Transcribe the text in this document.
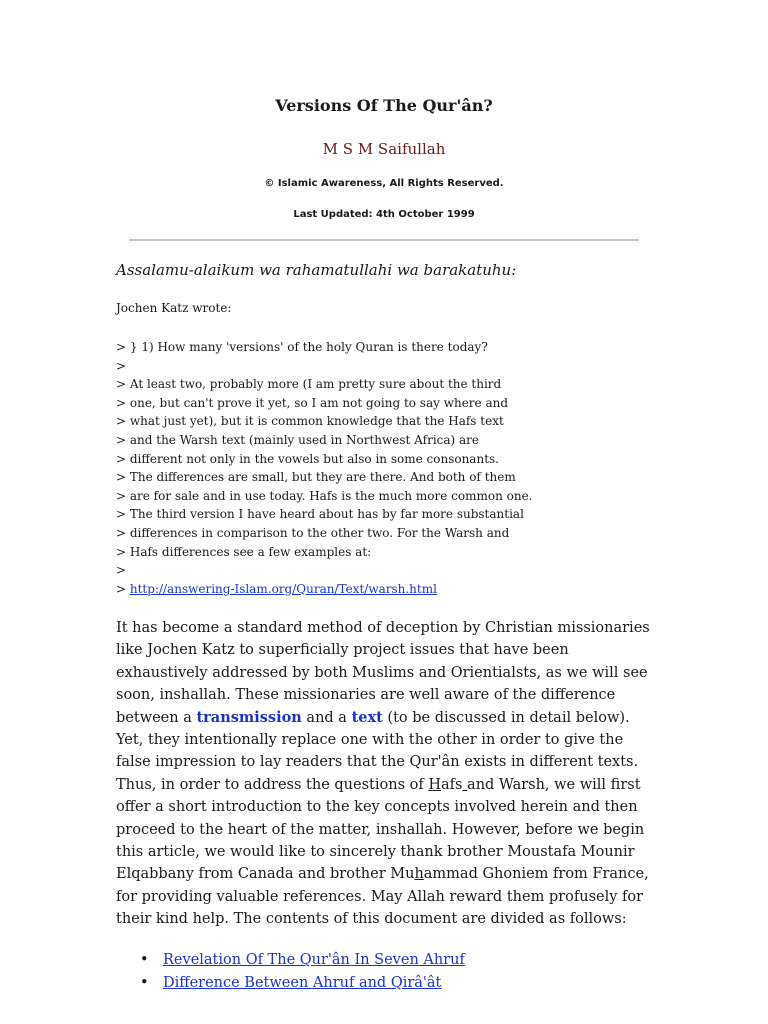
Versions Of The Qur'ân?
M S M Saifullah
© Islamic Awareness, All Rights Reserved.
Last Updated: 4th October 1999
Assalamu-alaikum wa rahamatullahi wa barakatuhu:
Jochen Katz wrote:
> } 1) How many 'versions' of the holy Quran is there today?
>
> At least two, probably more (I am pretty sure about the third
> one, but can't prove it yet, so I am not going to say where and
> what just yet), but it is common knowledge that the Hafs text
> and the Warsh text (mainly used in Northwest Africa) are
> different not only in the vowels but also in some consonants.
> The differences are small, but they are there. And both of them
> are for sale and in use today. Hafs is the much more common one.
> The third version I have heard about has by far more substantial
> differences in comparison to the other two. For the Warsh and
> Hafs differences see a few examples at:
>
> http://answering-Islam.org/Quran/Text/warsh.html

It has become a standard method of deception by Christian missionaries like Jochen Katz to superficially project issues that have been exhaustively addressed by both Muslims and Orientialsts, as we will see soon, inshallah. These missionaries are well aware of the difference between a transmission and a text (to be discussed in detail below). Yet, they intentionally replace one with the other in order to give the false impression to lay readers that the Qur'ân exists in different texts. Thus, in order to address the questions of Hafs and Warsh, we will first offer a short introduction to the key concepts involved herein and then proceed to the heart of the matter, inshallah. However, before we begin this article, we would like to sincerely thank brother Moustafa Mounir Elqabbany from Canada and brother Muhammad Ghoniem from France, for providing valuable references. May Allah reward them profusely for their kind help. The contents of this document are divided as follows:

• Revelation Of The Qur'ân In Seven Ahruf
• Difference Between Ahruf and Qirâ'ât
